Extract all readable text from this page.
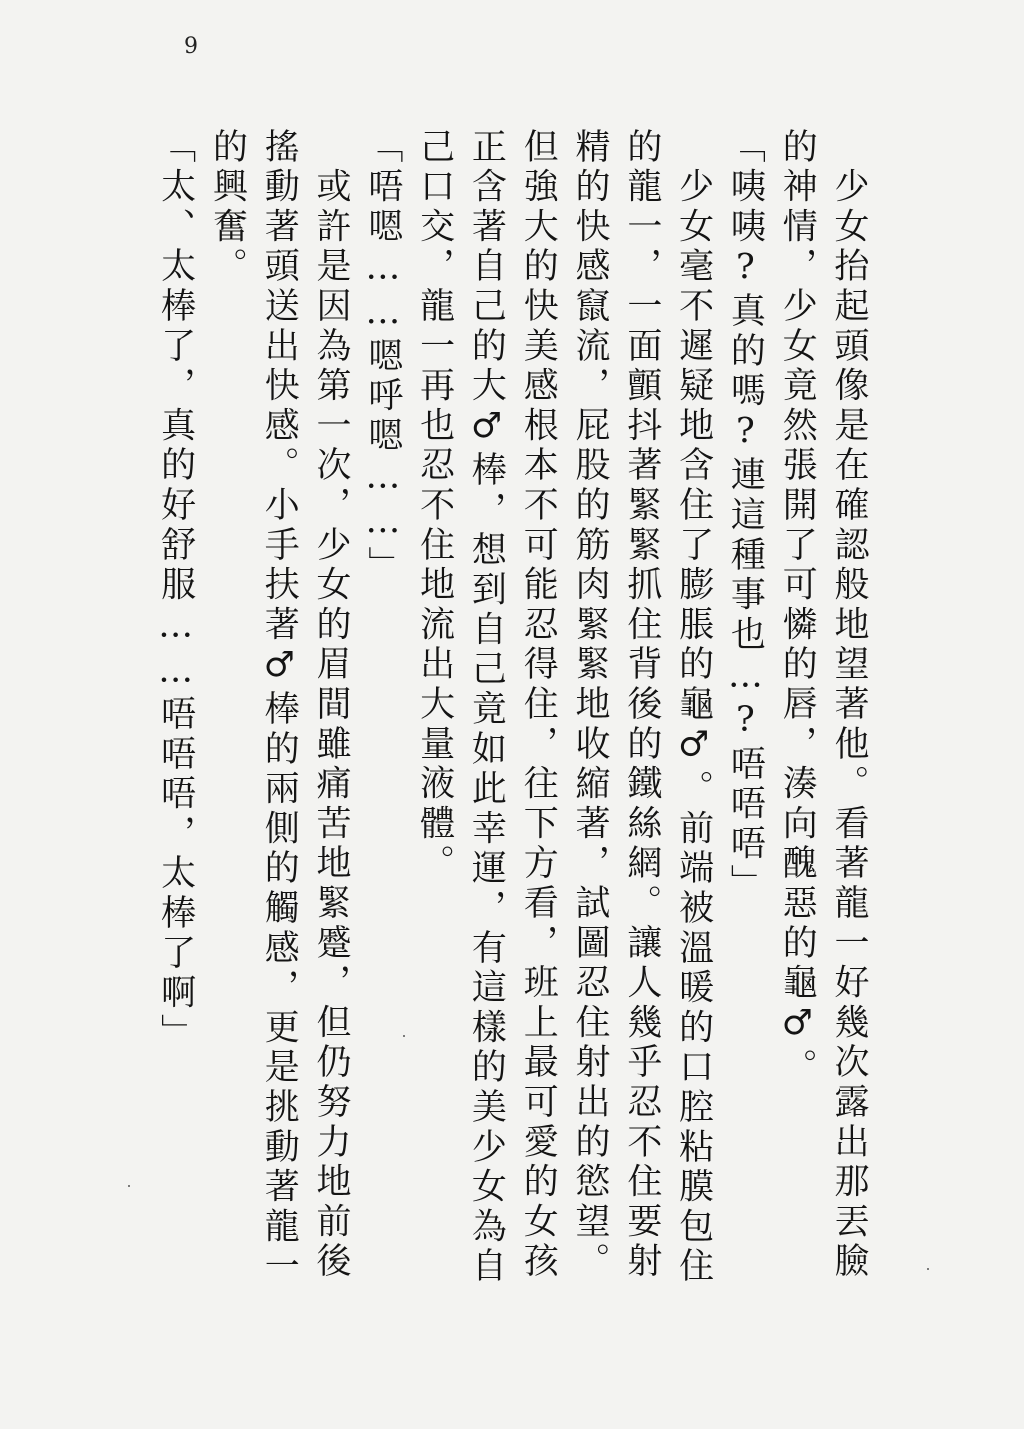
9
　少女抬起頭像是在確認般地望著他。看著龍一好幾次露出那丟臉
的神情，少女竟然張開了可憐的唇，湊向醜惡的龜♂。
「咦咦?真的嗎?連這種事也…?唔唔唔」
　少女毫不遲疑地含住了膨脹的龜♂。前端被溫暖的口腔粘膜包住
的龍一，一面顫抖著緊緊抓住背後的鐵絲網。讓人幾乎忍不住要射
精的快感竄流，屁股的筋肉緊緊地收縮著，試圖忍住射出的慾望。
但強大的快美感根本不可能忍得住，往下方看，班上最可愛的女孩
正含著自己的大♂棒，想到自己竟如此幸運，有這樣的美少女為自
己口交，龍一再也忍不住地流出大量液體。
「唔嗯……嗯呼嗯……」
　或許是因為第一次，少女的眉間雖痛苦地緊蹙，但仍努力地前後
搖動著頭送出快感。小手扶著♂棒的兩側的觸感，更是挑動著龍一
的興奮。
「太、太棒了，真的好舒服……唔唔唔，太棒了啊」
